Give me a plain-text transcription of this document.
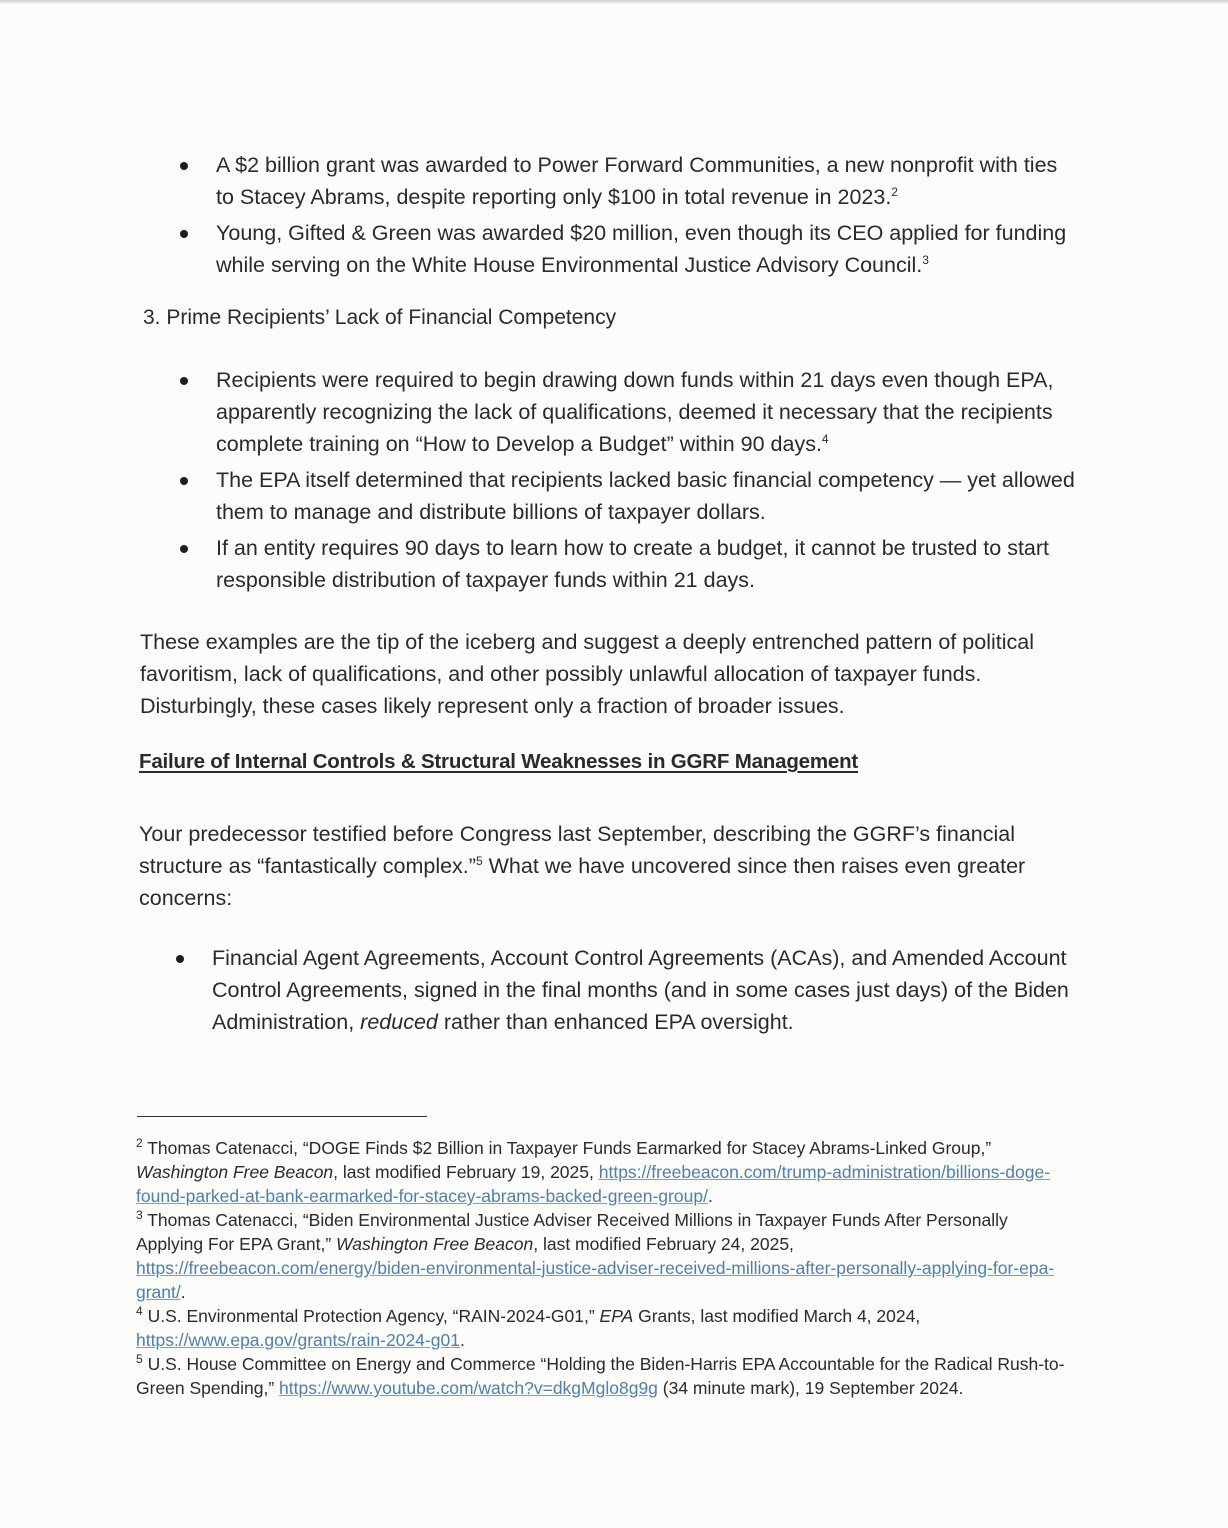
A $2 billion grant was awarded to Power Forward Communities, a new nonprofit with ties to Stacey Abrams, despite reporting only $100 in total revenue in 2023.$^2$
Young, Gifted & Green was awarded $20 million, even though its CEO applied for funding while serving on the White House Environmental Justice Advisory Council.$^3$
3. Prime Recipients’ Lack of Financial Competency
Recipients were required to begin drawing down funds within 21 days even though EPA, apparently recognizing the lack of qualifications, deemed it necessary that the recipients complete training on “How to Develop a Budget” within 90 days.$^4$
The EPA itself determined that recipients lacked basic financial competency — yet allowed them to manage and distribute billions of taxpayer dollars.
If an entity requires 90 days to learn how to create a budget, it cannot be trusted to start responsible distribution of taxpayer funds within 21 days.
These examples are the tip of the iceberg and suggest a deeply entrenched pattern of political favoritism, lack of qualifications, and other possibly unlawful allocation of taxpayer funds. Disturbingly, these cases likely represent only a fraction of broader issues.
Failure of Internal Controls & Structural Weaknesses in GGRF Management
Your predecessor testified before Congress last September, describing the GGRF’s financial structure as “fantastically complex.”$^5$ What we have uncovered since then raises even greater concerns:
Financial Agent Agreements, Account Control Agreements (ACAs), and Amended Account Control Agreements, signed in the final months (and in some cases just days) of the Biden Administration, reduced rather than enhanced EPA oversight.

$^2$ Thomas Catenacci, “DOGE Finds $2 Billion in Taxpayer Funds Earmarked for Stacey Abrams-Linked Group,” Washington Free Beacon, last modified February 19, 2025, https://freebeacon.com/trump-administration/billions-doge-found-parked-at-bank-earmarked-for-stacey-abrams-backed-green-group/.

$^3$ Thomas Catenacci, “Biden Environmental Justice Adviser Received Millions in Taxpayer Funds After Personally Applying For EPA Grant,” Washington Free Beacon, last modified February 24, 2025, https://freebeacon.com/energy/biden-environmental-justice-adviser-received-millions-after-personally-applying-for-epa-grant/.

$^4$ U.S. Environmental Protection Agency, “RAIN-2024-G01,” EPA Grants, last modified March 4, 2024, https://www.epa.gov/grants/rain-2024-g01.

$^5$ U.S. House Committee on Energy and Commerce “Holding the Biden-Harris EPA Accountable for the Radical Rush-to-Green Spending,” https://www.youtube.com/watch?v=dkgMglo8g9g (34 minute mark), 19 September 2024.
